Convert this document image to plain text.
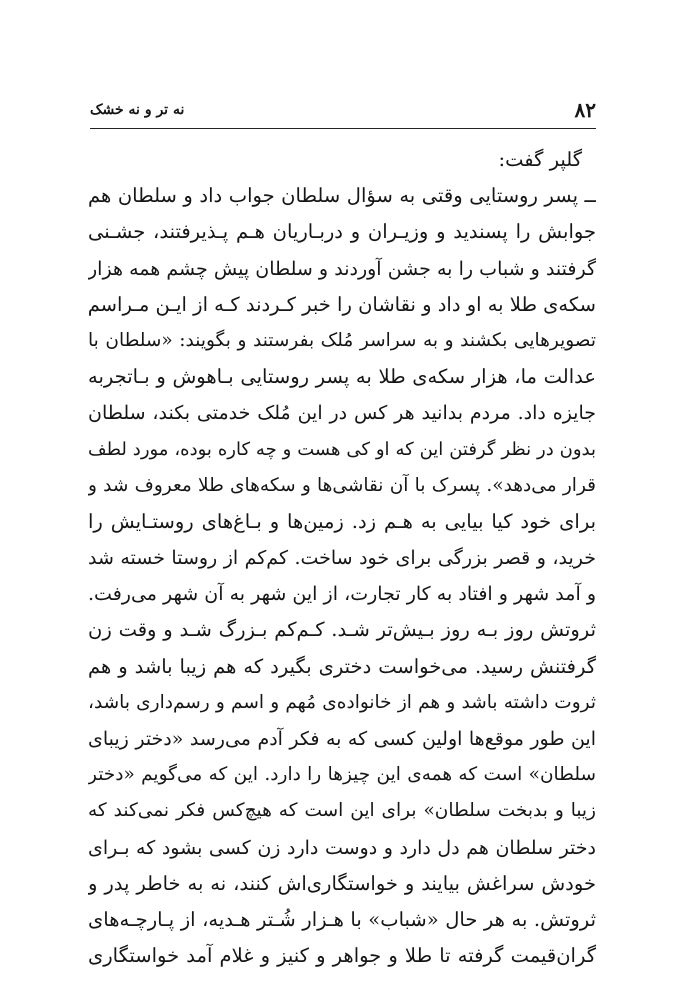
۸۲
نه تر و نه خشک
گلپر گفت:
ــ پسر روستایی وقتی به سؤال سلطان جواب داد و سلطان هم
جوابش را پسندید و وزیـران و دربـاریان هـم پـذیرفتند، جشـنی
گرفتند و شباب را به جشن آوردند و سلطان پیش چشم همه هزار
سکه‌ی طلا به او داد و نقاشان را خبر کـردند کـه از ایـن مـراسم
تصویرهایی بکشند و به سراسر مُلک بفرستند و بگویند: «سلطان با
عدالت ما، هزار سکه‌ی طلا به پسر روستایی بـاهوش و بـاتجربه
جایزه داد. مردم بدانید هر کس در این مُلک خدمتی بکند، سلطان
بدون در نظر گرفتن این که او کی هست و چه کاره بوده، مورد لطف
قرار می‌دهد». پسرک با آن نقاشی‌ها و سکه‌های طلا معروف شد و
برای خود کیا بیایی به هـم زد. زمین‌ها و بـاغ‌های روستـایش را
خرید، و قصر بزرگی برای خود ساخت. کم‌کم از روستا خسته شد
و آمد شهر و افتاد به کار تجارت، از این شهر به آن شهر می‌رفت.
ثروتش روز بـه روز بـیش‌تر شـد. کـم‌کم بـزرگ شـد و وقت زن
گرفتنش رسید. می‌خواست دختری بگیرد که هم زیبا باشد و هم
ثروت داشته باشد و هم از خانواده‌ی مُهم و اسم و رسم‌داری باشد،
این طور موقع‌ها اولین کسی که به فکر آدم می‌رسد «دختر زیبای
سلطان» است که همه‌ی این چیزها را دارد. این که می‌گویم «دختر
زیبا و بدبخت سلطان» برای این است که هیچ‌کس فکر نمی‌کند که
دختر سلطان هم دل دارد و دوست دارد زن کسی بشود که بـرای
خودش سراغش بیایند و خواستگاری‌اش کنند، نه به خاطر پدر و
ثروتش. به هر حال «شباب» با هـزار شُـتر هـدیه، از پـارچـه‌های
گران‌قیمت گرفته تا طلا و جواهر و کنیز و غلام آمد خواستگاری
